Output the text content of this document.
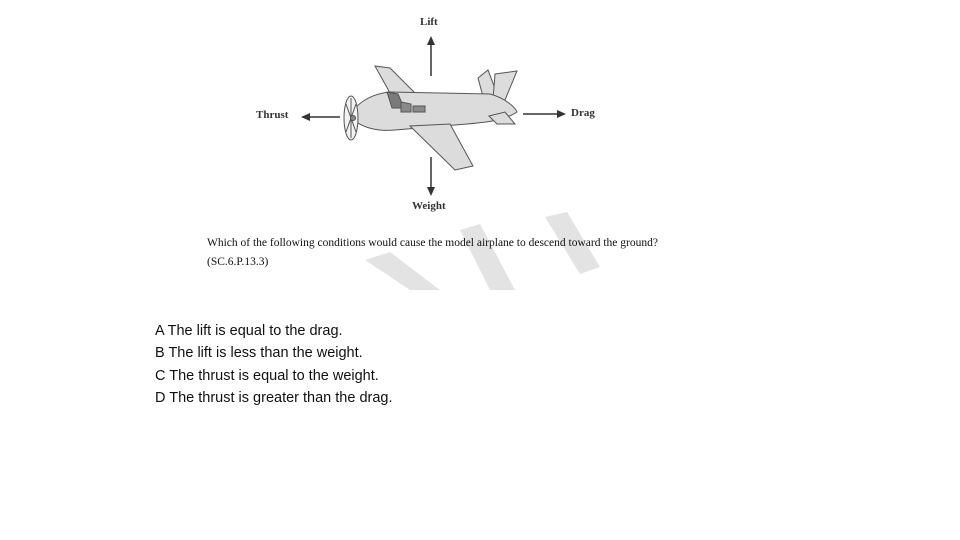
Lift
Thrust	Drag
Weight
Which of the following conditions would cause the model airplane to descend toward the ground? (SC.6.P.13.3)
A The lift is equal to the drag.
B The lift is less than the weight.
C The thrust is equal to the weight.
D The thrust is greater than the drag.
